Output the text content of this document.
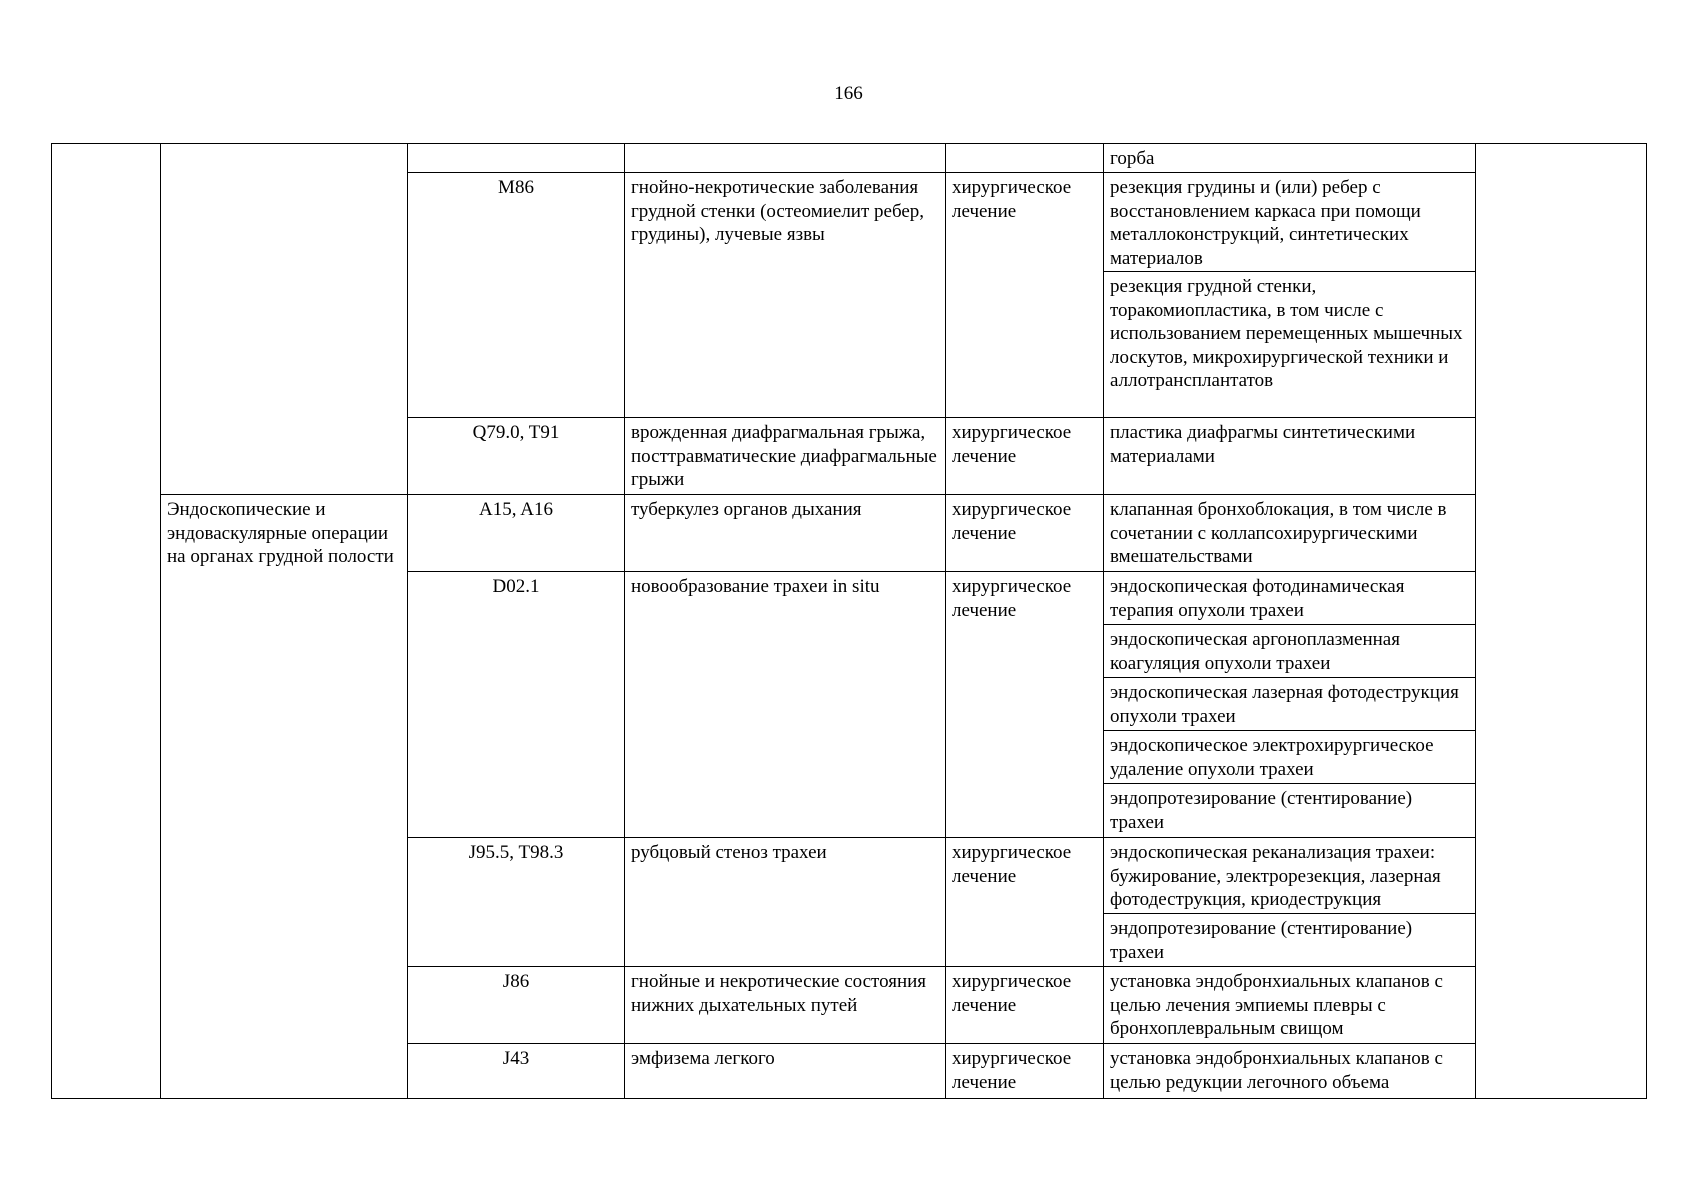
166
					горба	
		M86	гнойно-некротические заболевания грудной стенки (остеомиелит ребер, грудины), лучевые язвы	хирургическое лечение	резекция грудины и (или) ребер с восстановлением каркаса при помощи металлоконструкций, синтетических материалов	
					резекция грудной стенки, торакомиопластика, в том числе с использованием перемещенных мышечных лоскутов, микрохирургической техники и аллотрансплантатов	
		Q79.0, T91	врожденная диафрагмальная грыжа, посттравматические диафрагмальные грыжи	хирургическое лечение	пластика диафрагмы синтетическими материалами	
	Эндоскопические и эндоваскулярные операции на органах грудной полости	A15, A16	туберкулез органов дыхания	хирургическое лечение	клапанная бронхоблокация, в том числе в сочетании с коллапсохирургическими вмешательствами	
		D02.1	новообразование трахеи in situ	хирургическое лечение	эндоскопическая фотодинамическая терапия опухоли трахеи	
					эндоскопическая аргоноплазменная коагуляция опухоли трахеи	
					эндоскопическая лазерная фотодеструкция опухоли трахеи	
					эндоскопическое электрохирургическое удаление опухоли трахеи	
					эндопротезирование (стентирование) трахеи	
		J95.5, T98.3	рубцовый стеноз трахеи	хирургическое лечение	эндоскопическая реканализация трахеи: бужирование, электрорезекция, лазерная фотодеструкция, криодеструкция	
					эндопротезирование (стентирование) трахеи	
		J86	гнойные и некротические состояния нижних дыхательных путей	хирургическое лечение	установка эндобронхиальных клапанов с целью лечения эмпиемы плевры с бронхоплевральным свищом	
		J43	эмфизема легкого	хирургическое лечение	установка эндобронхиальных клапанов с целью редукции легочного объема	
